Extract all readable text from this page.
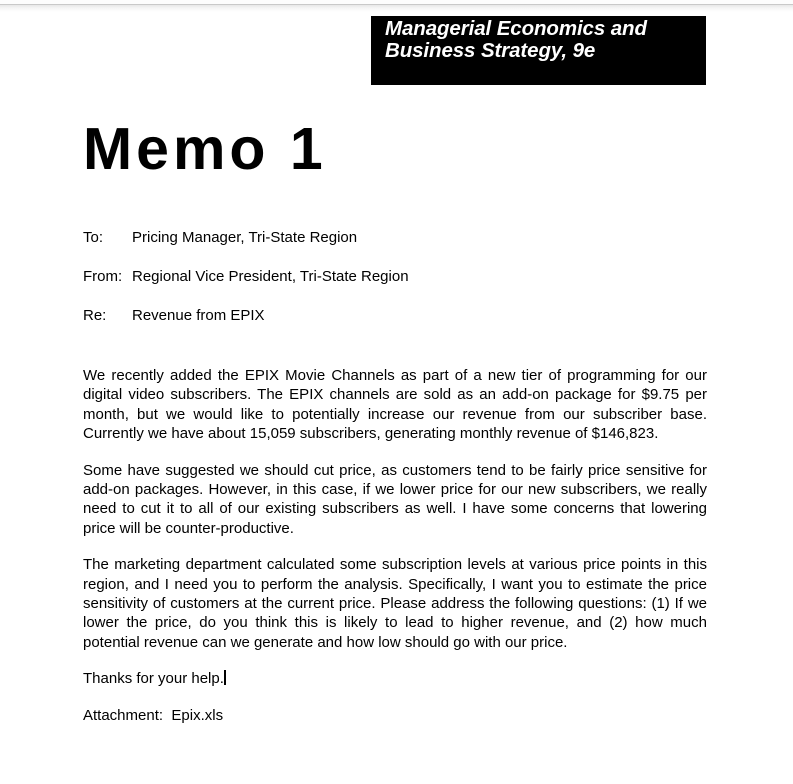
Managerial Economics and
Business Strategy, 9e
Memo 1
To:	Pricing Manager, Tri-State Region
From: Regional Vice President, Tri-State Region
Re:	Revenue from EPIX

We recently added the EPIX Movie Channels as part of a new tier of programming for our digital video subscribers. The EPIX channels are sold as an add-on package for $9.75 per month, but we would like to potentially increase our revenue from our subscriber base. Currently we have about 15,059 subscribers, generating monthly revenue of $146,823.

Some have suggested we should cut price, as customers tend to be fairly price sensitive for add-on packages. However, in this case, if we lower price for our new subscribers, we really need to cut it to all of our existing subscribers as well. I have some concerns that lowering price will be counter-productive.

The marketing department calculated some subscription levels at various price points in this region, and I need you to perform the analysis. Specifically, I want you to estimate the price sensitivity of customers at the current price. Please address the following questions: (1) If we lower the price, do you think this is likely to lead to higher revenue, and (2) how much potential revenue can we generate and how low should go with our price.

Thanks for your help.

Attachment: Epix.xls
